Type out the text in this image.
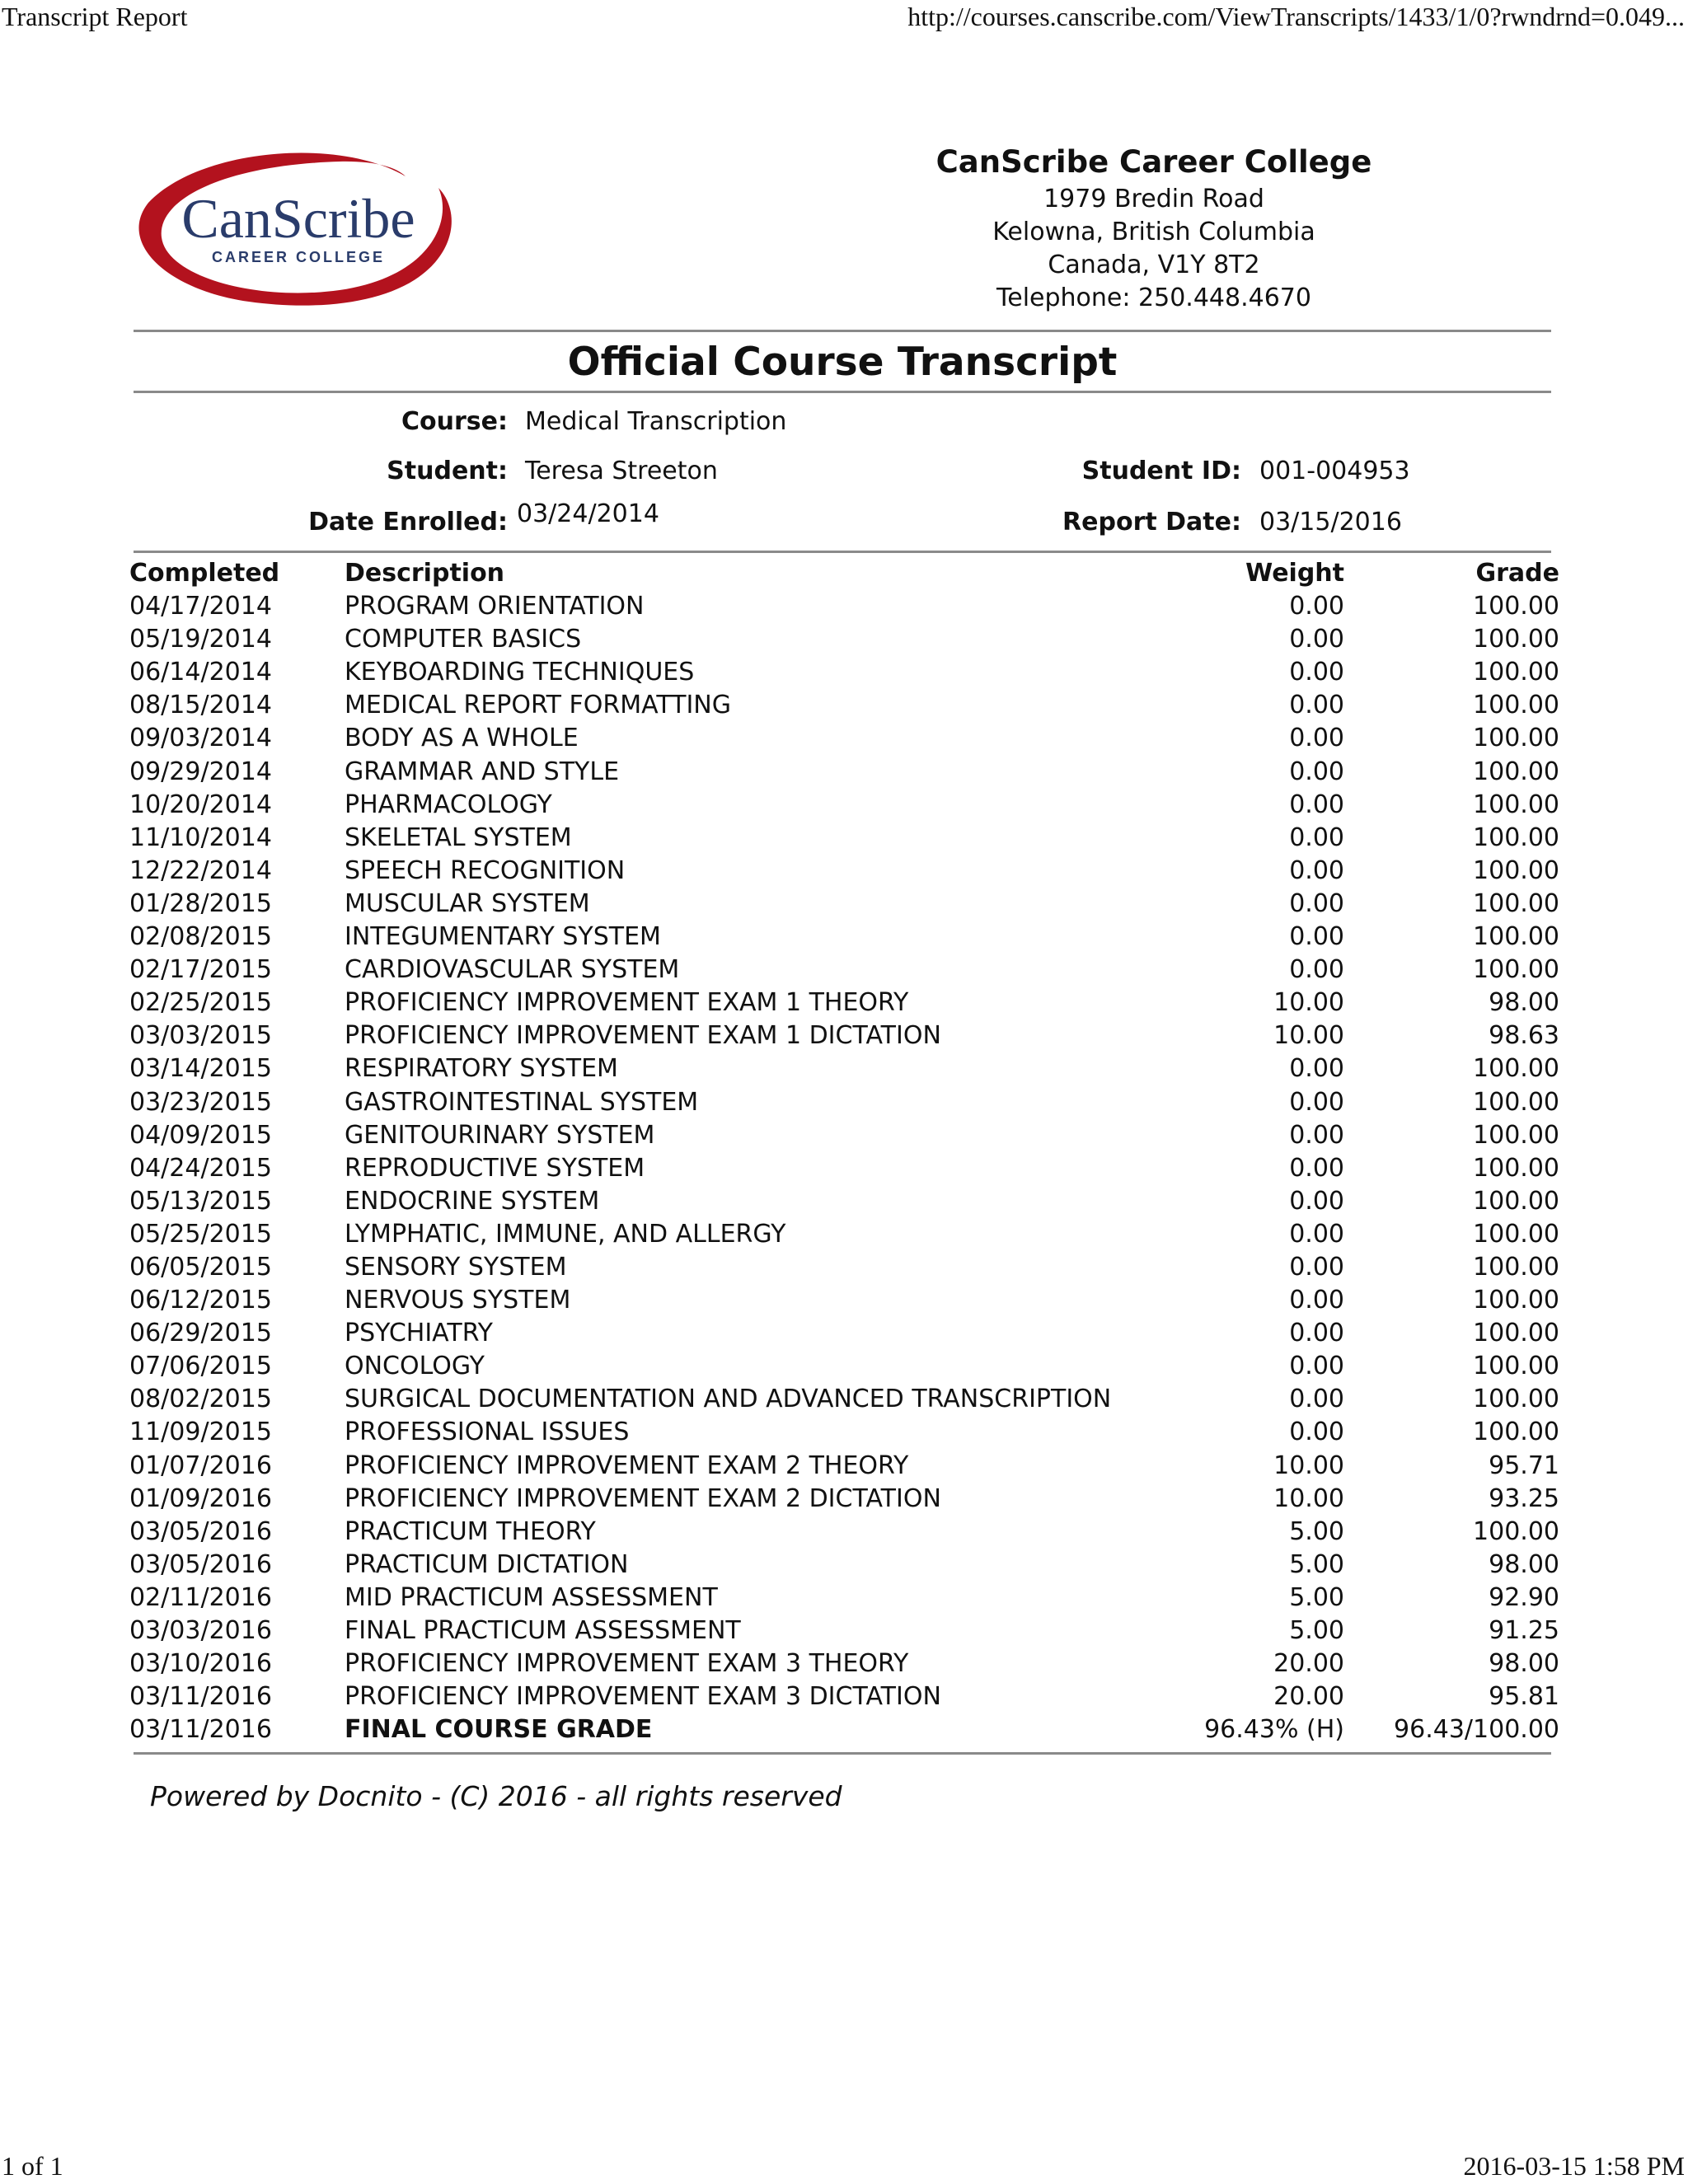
Transcript Report	http://courses.canscribe.com/ViewTranscripts/1433/1/0?rwndrnd=0.049...
CanScribe
CAREER COLLEGE
CanScribe Career College
1979 Bredin Road
Kelowna, British Columbia
Canada, V1Y 8T2
Telephone: 250.448.4670
Official Course Transcript
Course: Medical Transcription
Student: Teresa Streeton	Student ID: 001-004953
Date Enrolled: 03/24/2014	Report Date: 03/15/2016
Completed	Description	Weight	Grade
04/17/2014	PROGRAM ORIENTATION	0.00	100.00
05/19/2014	COMPUTER BASICS	0.00	100.00
06/14/2014	KEYBOARDING TECHNIQUES	0.00	100.00
08/15/2014	MEDICAL REPORT FORMATTING	0.00	100.00
09/03/2014	BODY AS A WHOLE	0.00	100.00
09/29/2014	GRAMMAR AND STYLE	0.00	100.00
10/20/2014	PHARMACOLOGY	0.00	100.00
11/10/2014	SKELETAL SYSTEM	0.00	100.00
12/22/2014	SPEECH RECOGNITION	0.00	100.00
01/28/2015	MUSCULAR SYSTEM	0.00	100.00
02/08/2015	INTEGUMENTARY SYSTEM	0.00	100.00
02/17/2015	CARDIOVASCULAR SYSTEM	0.00	100.00
02/25/2015	PROFICIENCY IMPROVEMENT EXAM 1 THEORY	10.00	98.00
03/03/2015	PROFICIENCY IMPROVEMENT EXAM 1 DICTATION	10.00	98.63
03/14/2015	RESPIRATORY SYSTEM	0.00	100.00
03/23/2015	GASTROINTESTINAL SYSTEM	0.00	100.00
04/09/2015	GENITOURINARY SYSTEM	0.00	100.00
04/24/2015	REPRODUCTIVE SYSTEM	0.00	100.00
05/13/2015	ENDOCRINE SYSTEM	0.00	100.00
05/25/2015	LYMPHATIC, IMMUNE, AND ALLERGY	0.00	100.00
06/05/2015	SENSORY SYSTEM	0.00	100.00
06/12/2015	NERVOUS SYSTEM	0.00	100.00
06/29/2015	PSYCHIATRY	0.00	100.00
07/06/2015	ONCOLOGY	0.00	100.00
08/02/2015	SURGICAL DOCUMENTATION AND ADVANCED TRANSCRIPTION	0.00	100.00
11/09/2015	PROFESSIONAL ISSUES	0.00	100.00
01/07/2016	PROFICIENCY IMPROVEMENT EXAM 2 THEORY	10.00	95.71
01/09/2016	PROFICIENCY IMPROVEMENT EXAM 2 DICTATION	10.00	93.25
03/05/2016	PRACTICUM THEORY	5.00	100.00
03/05/2016	PRACTICUM DICTATION	5.00	98.00
02/11/2016	MID PRACTICUM ASSESSMENT	5.00	92.90
03/03/2016	FINAL PRACTICUM ASSESSMENT	5.00	91.25
03/10/2016	PROFICIENCY IMPROVEMENT EXAM 3 THEORY	20.00	98.00
03/11/2016	PROFICIENCY IMPROVEMENT EXAM 3 DICTATION	20.00	95.81
03/11/2016	FINAL COURSE GRADE	96.43% (H) 96.43/100.00
Powered by Docnito - (C) 2016 - all rights reserved
1 of 1	2016-03-15 1:58 PM
